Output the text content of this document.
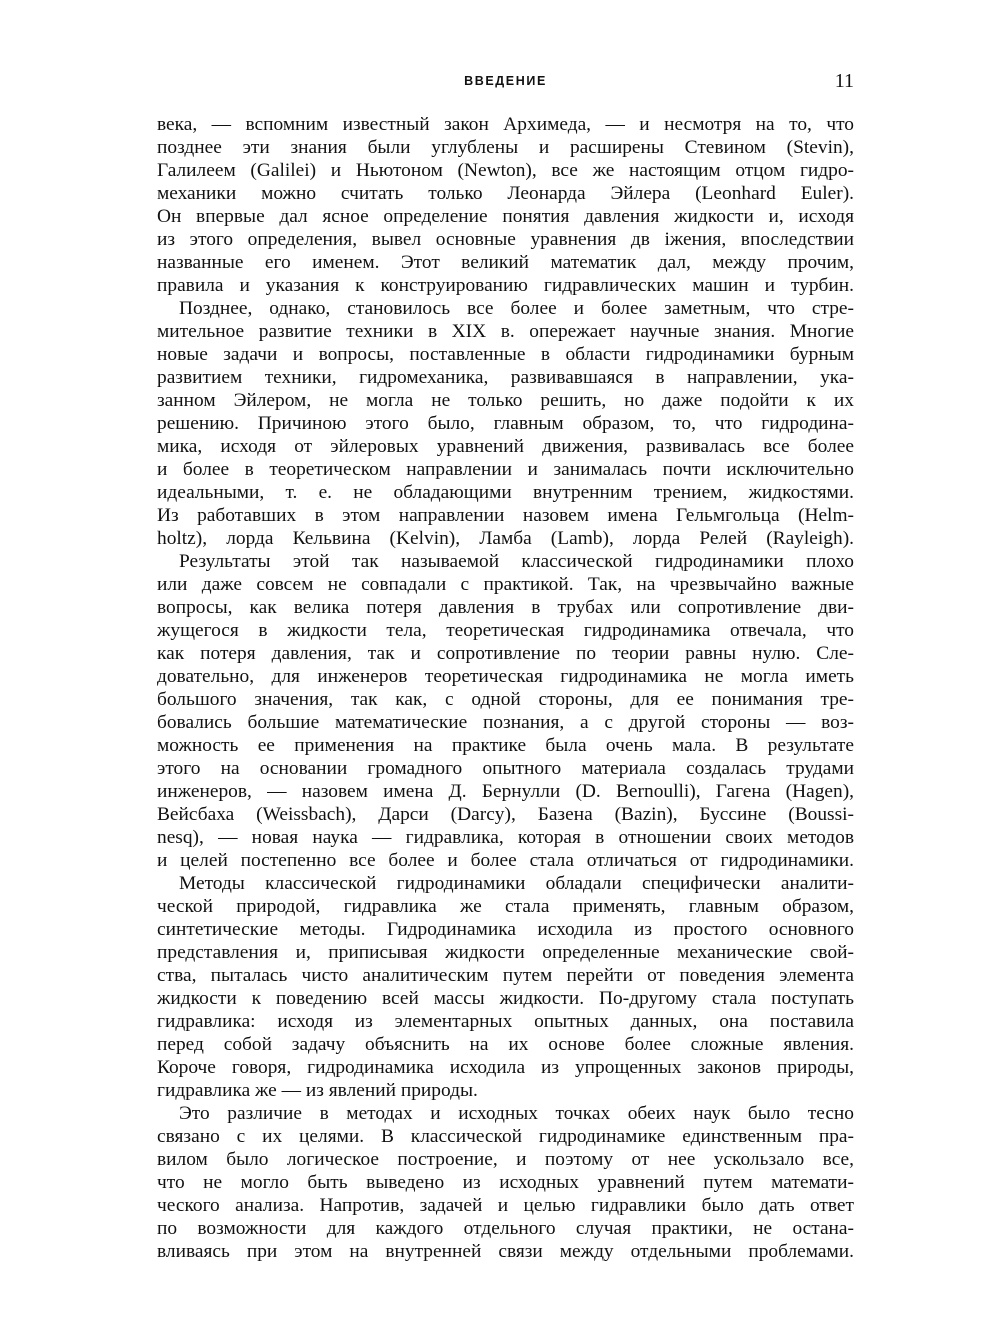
ВВЕДЕНИЕ	11
века, — вспомним известный закон Архимеда, — и несмотря на то, что
позднее эти знания были углублены и расширены Стевином (Stevin),
Галилеем (Galilei) и Ньютоном (Newton), все же настоящим отцом гидро-
механики можно считать только Леонарда Эйлера (Leonhard Euler).
Он впервые дал ясное определение понятия давления жидкости и, исходя
из этого определения, вывел основные уравнения дв іжения, впоследствии
названные его именем. Этот великий математик дал, между прочим,
правила и указания к конструированию гидравлических машин и турбин.
Позднее, однако, становилось все более и более заметным, что стре-
мительное развитие техники в XIX в. опережает научные знания. Многие
новые задачи и вопросы, поставленные в области гидродинамики бурным
развитием техники, гидромеханика, развивавшаяся в направлении, ука-
занном Эйлером, не могла не только решить, но даже подойти к их
решению. Причиною этого было, главным образом, то, что гидродина-
мика, исходя от эйлеровых уравнений движения, развивалась все более
и более в теоретическом направлении и занималась почти исключительно
идеальными, т. е. не обладающими внутренним трением, жидкостями.
Из работавших в этом направлении назовем имена Гельмгольца (Helm-
holtz), лорда Кельвина (Kelvin), Ламба (Lamb), лорда Релей (Rayleigh).
Результаты этой так называемой классической гидродинамики плохо
или даже совсем не совпадали с практикой. Так, на чрезвычайно важные
вопросы, как велика потеря давления в трубах или сопротивление дви-
жущегося в жидкости тела, теоретическая гидродинамика отвечала, что
как потеря давления, так и сопротивление по теории равны нулю. Сле-
довательно, для инженеров теоретическая гидродинамика не могла иметь
большого значения, так как, с одной стороны, для ее понимания тре-
бовались большие математические познания, а с другой стороны — воз-
можность ее применения на практике была очень мала. В результате
этого на основании громадного опытного материала создалась трудами
инженеров, — назовем имена Д. Бернулли (D. Bernoulli), Гагена (Hagen),
Вейсбаха (Weissbach), Дарси (Darcy), Базена (Bazin), Буссине (Boussi-
nesq), — новая наука — гидравлика, которая в отношении своих методов
и целей постепенно все более и более стала отличаться от гидродинамики.
Методы классической гидродинамики обладали специфически аналити-
ческой природой, гидравлика же стала применять, главным образом,
синтетические методы. Гидродинамика исходила из простого основного
представления и, приписывая жидкости определенные механические свой-
ства, пыталась чисто аналитическим путем перейти от поведения элемента
жидкости к поведению всей массы жидкости. По-другому стала поступать
гидравлика: исходя из элементарных опытных данных, она поставила
перед собой задачу объяснить на их основе более сложные явления.
Короче говоря, гидродинамика исходила из упрощенных законов природы,
гидравлика же — из явлений природы.
Это различие в методах и исходных точках обеих наук было тесно
связано с их целями. В классической гидродинамике единственным пра-
вилом было логическое построение, и поэтому от нее ускользало все,
что не могло быть выведено из исходных уравнений путем математи-
ческого анализа. Напротив, задачей и целью гидравлики было дать ответ
по возможности для каждого отдельного случая практики, не остана-
вливаясь при этом на внутренней связи между отдельными проблемами.
